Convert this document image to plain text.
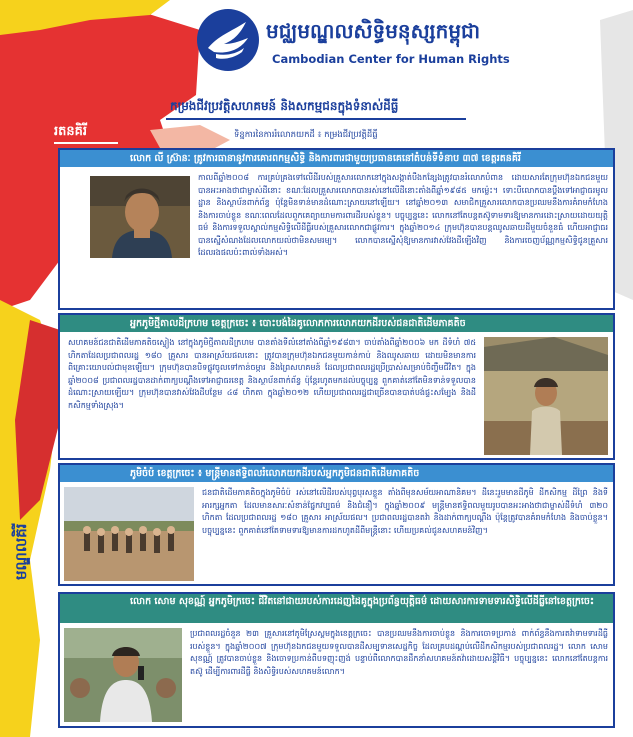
មជ្ឈមណ្ឌលសិទ្ធិមនុស្សកម្ពុជា
Cambodian Center for Human Rights
កម្រងជីវប្រវត្តិសហគមន៍ និងសកម្មជនក្នុងទំនាស់ដីធ្លី
រតនគិរី	ទិន្នការនៃការរំលោភយកដី ៖ កម្រងជីវប្រវត្តិដីធ្លី
មណ្ឌលគិរី
លោក លី ស្រ៊ានៈ ត្រូវការធានានូវការគោរពកម្មសិទ្ធិ និងការពារជាមួយប្រធានគេនៅតំបន់ទីទំនាប ៣៧ ខេត្តរតនគិរី
កាលពីឆ្នាំ២០០៨ ការគ្រប់គ្រងទៅលើដីរបស់គ្រួសារលោកនៅក្នុងសង្កាត់បឹងកន្សែងត្រូវបានរំលោភបំពាន ដោយសារតែក្រុមហ៊ុនឯកជនមួយបានអះអាងថាជាម្ចាស់ដីនោះ ខណៈដែលគ្រួសារលោកបានរស់នៅលើដីនោះតាំងពីឆ្នាំ១៩៨៥ មកម៉្លេះ។ ទោះបីលោកបានប្តឹងទៅអាជ្ញាធរមូលដ្ឋាន និងស្ថាប័នពាក់ព័ន្ធ ប៉ុន្តែមិនទាន់មានដំណោះស្រាយនៅឡើយ។ នៅឆ្នាំ២០១៣ សមាជិកគ្រួសារលោកបានប្រឈមនឹងការគំរាមកំហែង និងការចាប់ខ្លួន ខណៈពេលដែលពួកគេព្យាយាមការពារដីរបស់ខ្លួន។ បច្ចុប្បន្ននេះ លោកនៅតែបន្តតស៊ូទាមទារឱ្យមានការដោះស្រាយដោយយុត្តិធម៌ និងការទទួលស្គាល់កម្មសិទ្ធិលើដីធ្លីរបស់គ្រួសារលោកជាផ្លូវការ។ ក្នុងឆ្នាំ២០១៤ ក្រុមហ៊ុនបានបន្តឈូសឆាយដីមួយចំនួនធំ ហើយអាជ្ញាធរបានស្នើសំណងដែលលោកយល់ថាមិនសមរម្យ។ លោកបានស្នើសុំឱ្យមានការវាស់វែងដីឡើងវិញ និងការចេញប័ណ្ណកម្មសិទ្ធិជូនគ្រួសារដែលរងផលប៉ះពាល់ទាំងអស់។
អ្នកភូមិថ្មីតាលដីក្រហម ខេត្តក្រចេះ ៖ បោះបង់ដៃគូលោភការលោភយកដីរបស់ជនជាតិដើមភាគតិច
សហគមន៍ជនជាតិដើមភាគតិចស្ទៀង នៅក្នុងភូមិថ្មីតាលដីក្រហម បានតាំងទីលំនៅតាំងពីឆ្នាំ១៩៨៣។ ចាប់តាំងពីឆ្នាំ២០០៦ មក ដីទំហំ ៧៥ ហិកតាដែលប្រជាពលរដ្ឋ ១៨០ គ្រួសារ បានអាស្រ័យផលនោះ ត្រូវបានក្រុមហ៊ុនឯកជនមួយកាន់កាប់ និងឈូសឆាយ ដោយមិនមានការពិគ្រោះយោបល់ជាមុនឡើយ។ ក្រុមហ៊ុនបានបិទផ្លូវចូលទៅកាន់ចម្ការ និងព្រៃសហគមន៍ ដែលប្រជាពលរដ្ឋប្រើប្រាស់សម្រាប់ចិញ្ចឹមជីវិត។ ក្នុងឆ្នាំ២០០៨ ប្រជាពលរដ្ឋបានដាក់ពាក្យបណ្តឹងទៅអាជ្ញាធរខេត្ត និងស្ថាប័នពាក់ព័ន្ធ ប៉ុន្តែរហូតមកដល់បច្ចុប្បន្ន ពួកគាត់នៅតែមិនទាន់ទទួលបានដំណោះស្រាយឡើយ។ ក្រុមហ៊ុនបានវាស់វែងដីបន្ថែម ៤៨ ហិកតា ក្នុងឆ្នាំ២០១២ ហើយប្រជាពលរដ្ឋជាច្រើនបានបាត់បង់ផ្ទះសម្បែង និងដីកសិកម្មទាំងស្រុង។
ភូមិចំប៉ ខេត្តក្រចេះ ៖ មន្ត្រីមានឥទ្ធិពលរំលោភយកដីរបស់អ្នកភូមិជនជាតិដើមភាគតិច
ជនជាតិដើមភាគតិចក្នុងភូមិចំប៉ រស់នៅលើដីរបស់បុព្វបុរសខ្លួន តាំងពីមុនសម័យអាណានិគម។ ដីនេះរួមមានដីភូមិ ដីកសិកម្ម ដីព្រៃ និងទីអារក្សអ្នកតា ដែលមានសារៈសំខាន់ផ្នែកវប្បធម៌ និងជំនឿ។ ក្នុងឆ្នាំ២០០៩ មន្ត្រីមានឥទ្ធិពលមួយរូបបានអះអាងថាជាម្ចាស់ដីទំហំ ៣២០ ហិកតា ដែលប្រជាពលរដ្ឋ ១៨០ គ្រួសារ អាស្រ័យផល។ ប្រជាពលរដ្ឋបានតវ៉ា និងដាក់ពាក្យបណ្តឹង ប៉ុន្តែត្រូវបានគំរាមកំហែង និងចាប់ខ្លួន។ បច្ចុប្បន្ននេះ ពួកគាត់នៅតែទាមទារឱ្យមានការដកហូតដីពីមន្ត្រីនោះ ហើយប្រគល់ជូនសហគមន៍វិញ។
លោក សោម សុខណ្ណ៍ អ្នកភូមិក្រចេះ ជីវិតនៅជាយរបស់ការដេញដៃគូក្នុងប្រព័ន្ធយុត្តិធម៌ ដោយសារការទាមទារសិទ្ធិលើដីធ្លីនៅខេត្តក្រចេះ
ប្រជាពលរដ្ឋចំនួន ២៣ គ្រួសារនៅភូមិស្រែស្គមក្នុងខេត្តក្រចេះ បានប្រឈមនឹងការចាប់ខ្លួន និងការចោទប្រកាន់ ពាក់ព័ន្ធនឹងការតវ៉ាទាមទារដីធ្លីរបស់ខ្លួន។ ក្នុងឆ្នាំ២០០៧ ក្រុមហ៊ុនឯកជនមួយទទួលបានដីសម្បទានសេដ្ឋកិច្ច ដែលគ្របដណ្តប់លើដីកសិកម្មរបស់ប្រជាពលរដ្ឋ។ លោក សោម សុខណ្ណ៍ ត្រូវបានចាប់ខ្លួន និងចោទប្រកាន់ពីបទញុះញង់ បន្ទាប់ពីលោកបានដឹកនាំសហគមន៍តវ៉ាដោយសន្តិវិធី។ បច្ចុប្បន្ននេះ លោកនៅតែបន្តការតស៊ូ ដើម្បីការពារដីធ្លី និងសិទ្ធិរបស់សហគមន៍លោក។
